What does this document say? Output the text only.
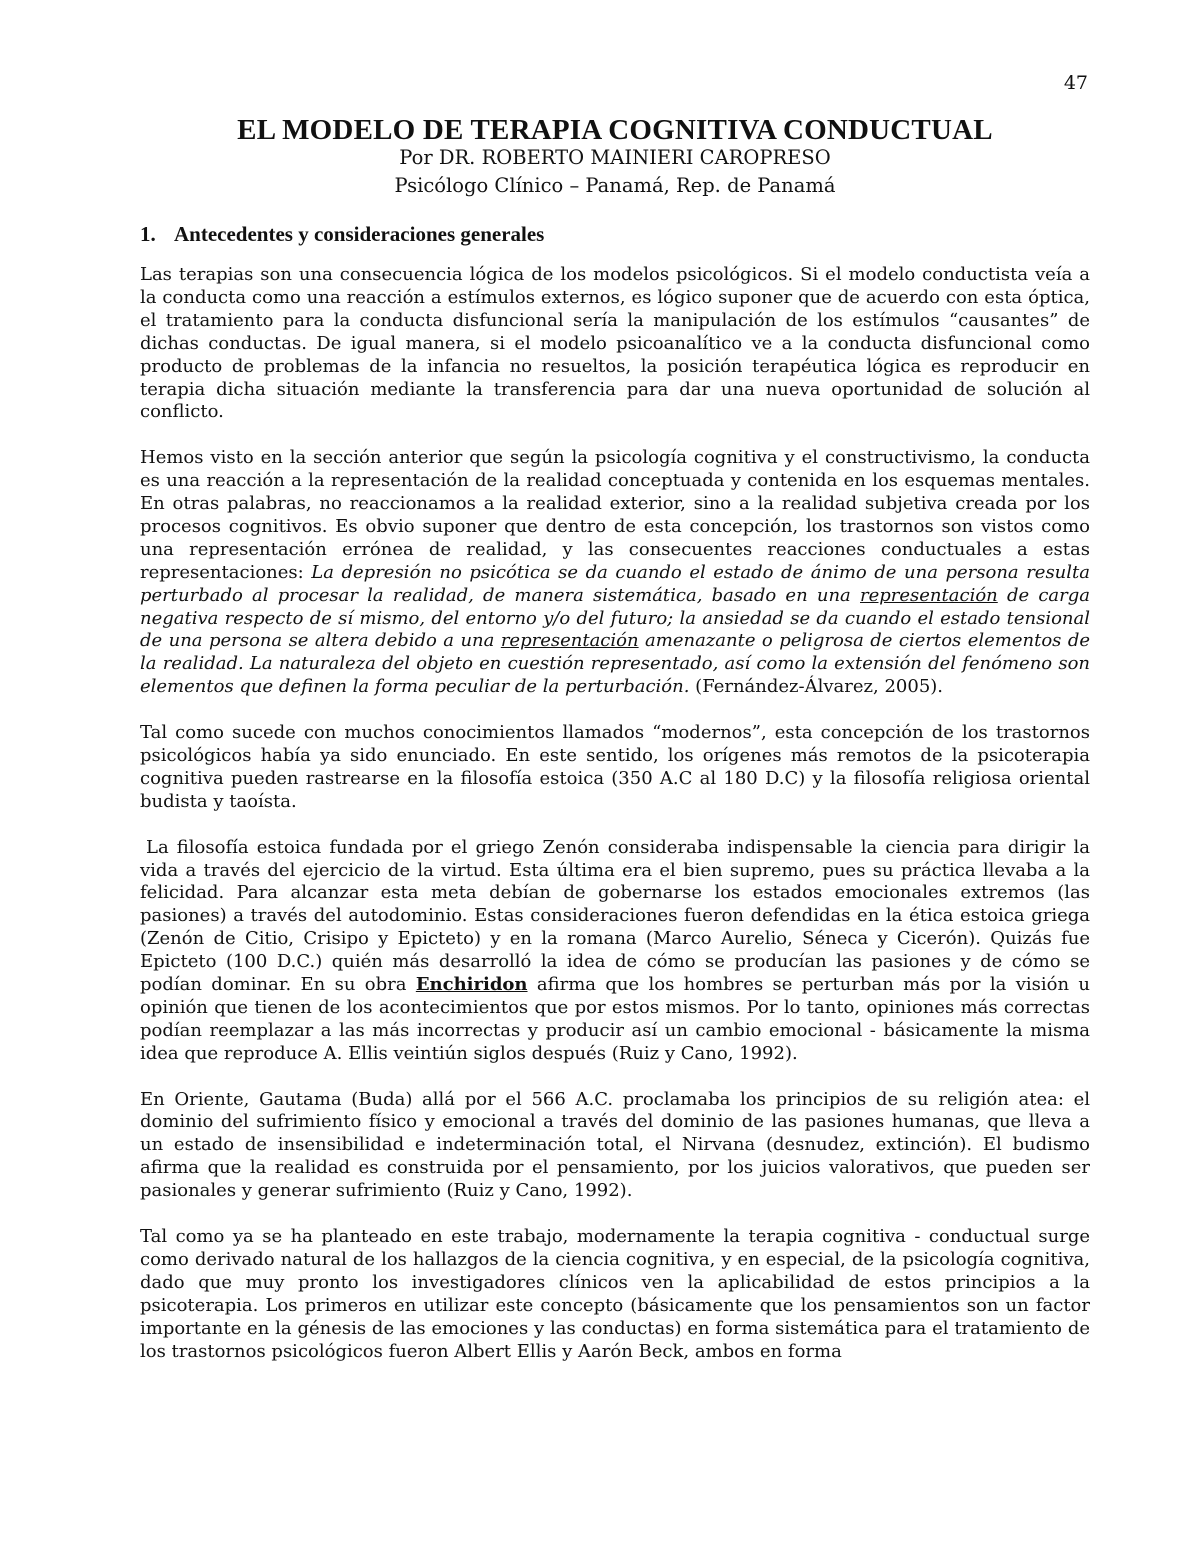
47
EL MODELO DE TERAPIA COGNITIVA CONDUCTUAL
Por DR. ROBERTO MAINIERI CAROPRESO
Psicólogo Clínico – Panamá, Rep. de Panamá
1. Antecedentes y consideraciones generales

Las terapias son una consecuencia lógica de los modelos psicológicos. Si el modelo conductista veía a la conducta como una reacción a estímulos externos, es lógico suponer que de acuerdo con esta óptica, el tratamiento para la conducta disfuncional sería la manipulación de los estímulos “causantes” de dichas conductas. De igual manera, si el modelo psicoanalítico ve a la conducta disfuncional como producto de problemas de la infancia no resueltos, la posición terapéutica lógica es reproducir en terapia dicha situación mediante la transferencia para dar una nueva oportunidad de solución al conflicto.

Hemos visto en la sección anterior que según la psicología cognitiva y el constructivismo, la conducta es una reacción a la representación de la realidad conceptuada y contenida en los esquemas mentales. En otras palabras, no reaccionamos a la realidad exterior, sino a la realidad subjetiva creada por los procesos cognitivos. Es obvio suponer que dentro de esta concepción, los trastornos son vistos como una representación errónea de realidad, y las consecuentes reacciones conductuales a estas representaciones: La depresión no psicótica se da cuando el estado de ánimo de una persona resulta perturbado al procesar la realidad, de manera sistemática, basado en una representación de carga negativa respecto de sí mismo, del entorno y/o del futuro; la ansiedad se da cuando el estado tensional de una persona se altera debido a una representación amenazante o peligrosa de ciertos elementos de la realidad. La naturaleza del objeto en cuestión representado, así como la extensión del fenómeno son elementos que definen la forma peculiar de la perturbación. (Fernández-Álvarez, 2005).

Tal como sucede con muchos conocimientos llamados “modernos”, esta concepción de los trastornos psicológicos había ya sido enunciado. En este sentido, los orígenes más remotos de la psicoterapia cognitiva pueden rastrearse en la filosofía estoica (350 A.C al 180 D.C) y la filosofía religiosa oriental budista y taoísta.

La filosofía estoica fundada por el griego Zenón consideraba indispensable la ciencia para dirigir la vida a través del ejercicio de la virtud. Esta última era el bien supremo, pues su práctica llevaba a la felicidad. Para alcanzar esta meta debían de gobernarse los estados emocionales extremos (las pasiones) a través del autodominio. Estas consideraciones fueron defendidas en la ética estoica griega (Zenón de Citio, Crisipo y Epicteto) y en la romana (Marco Aurelio, Séneca y Cicerón). Quizás fue Epicteto (100 D.C.) quién más desarrolló la idea de cómo se producían las pasiones y de cómo se podían dominar. En su obra Enchiridon afirma que los hombres se perturban más por la visión u opinión que tienen de los acontecimientos que por estos mismos. Por lo tanto, opiniones más correctas podían reemplazar a las más incorrectas y producir así un cambio emocional - básicamente la misma idea que reproduce A. Ellis veintiún siglos después (Ruiz y Cano, 1992).

En Oriente, Gautama (Buda) allá por el 566 A.C. proclamaba los principios de su religión atea: el dominio del sufrimiento físico y emocional a través del dominio de las pasiones humanas, que lleva a un estado de insensibilidad e indeterminación total, el Nirvana (desnudez, extinción). El budismo afirma que la realidad es construida por el pensamiento, por los juicios valorativos, que pueden ser pasionales y generar sufrimiento (Ruiz y Cano, 1992).

Tal como ya se ha planteado en este trabajo, modernamente la terapia cognitiva - conductual surge como derivado natural de los hallazgos de la ciencia cognitiva, y en especial, de la psicología cognitiva, dado que muy pronto los investigadores clínicos ven la aplicabilidad de estos principios a la psicoterapia. Los primeros en utilizar este concepto (básicamente que los pensamientos son un factor importante en la génesis de las emociones y las conductas) en forma sistemática para el tratamiento de los trastornos psicológicos fueron Albert Ellis y Aarón Beck, ambos en forma
